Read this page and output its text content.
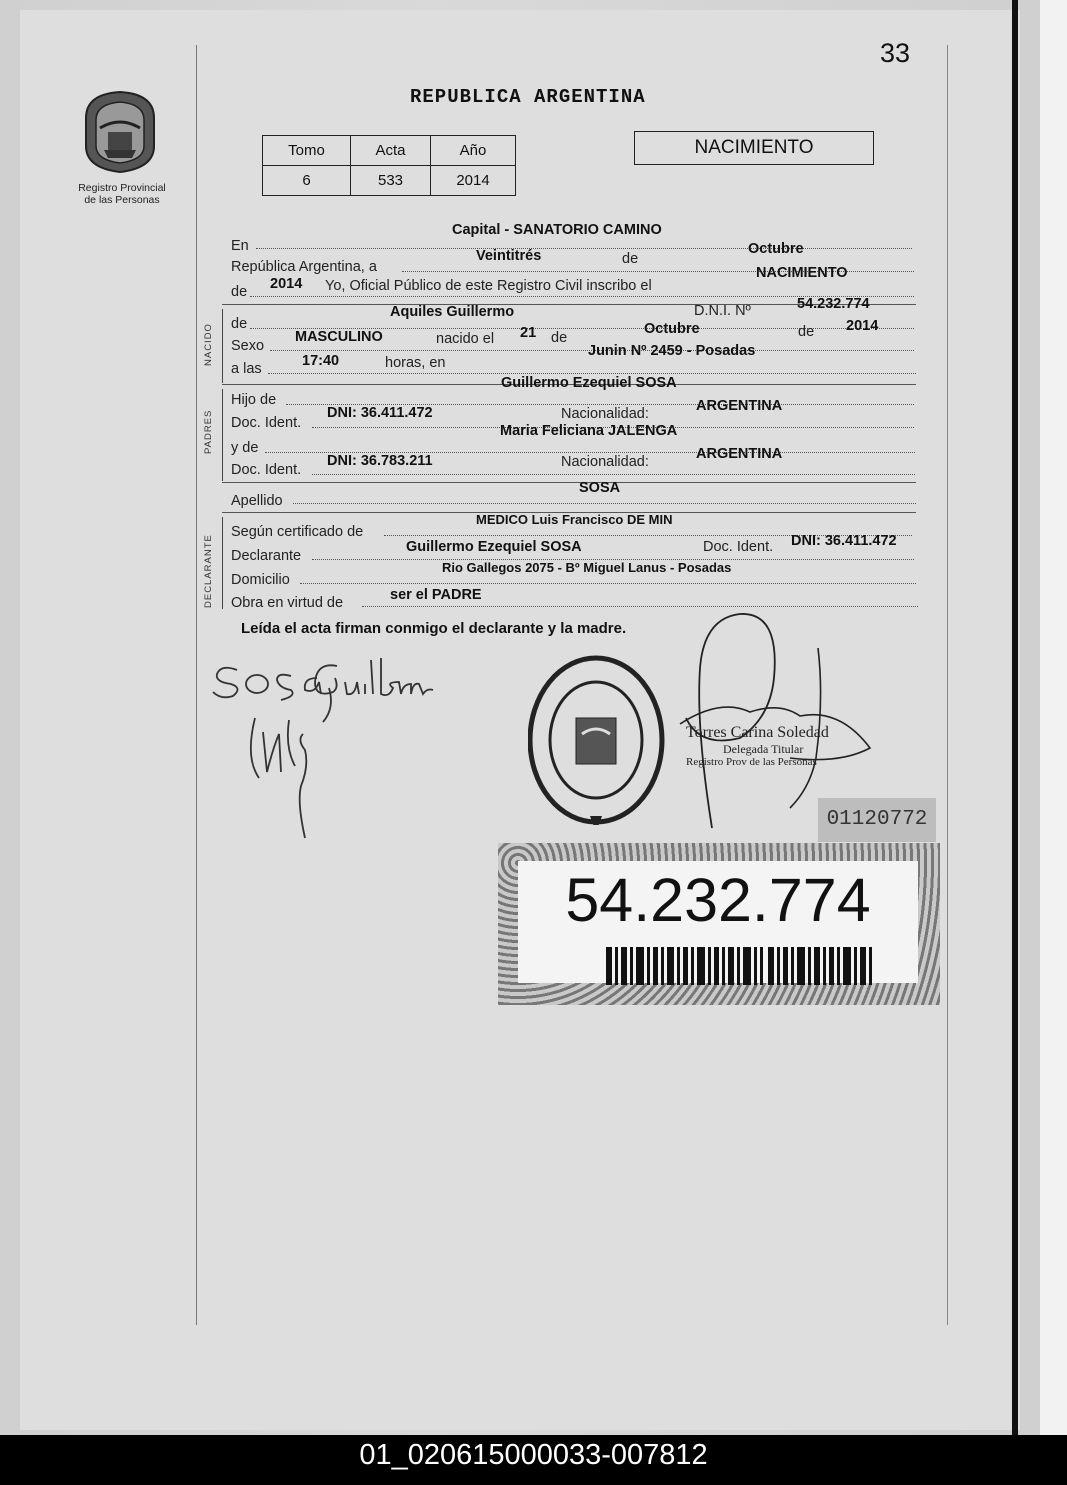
33
Registro Provincial
de las Personas
REPUBLICA ARGENTINA
Tomo	Acta	Año
6	533	2014
NACIMIENTO
En
Capital - SANATORIO CAMINO
República Argentina, a
Veintitrés	de
Octubre
de 2014 Yo, Oficial Público de este Registro Civil inscribo el
NACIMIENTO
NACIDO de
Aquiles Guillermo	D.N.I. Nº	54.232.774
Sexo
MASCULINO	nacido el 21 de
Octubre	de 2014
a las	17:40	horas, en
Junin Nº 2459 - Posadas
PADRES
Hijo de
Guillermo Ezequiel SOSA
Doc. Ident.
DNI: 36.411.472	Nacionalidad:	ARGENTINA
y de
Maria Feliciana JALENGA
Doc. Ident.
DNI: 36.783.211	Nacionalidad:	ARGENTINA
Apellido
SOSA
DECLARANTE
Según certificado de
MEDICO Luis Francisco DE MIN
Declarante
Guillermo Ezequiel SOSA	Doc. Ident. DNI: 36.411.472
Domicilio
Rio Gallegos 2075 - Bº Miguel Lanus - Posadas
Obra en virtud de	ser el PADRE
Leída el acta firman conmigo el declarante y la madre.
Torres Carina Soledad
Delegada Titular
Registro Prov de las Personas
01120772
54.232.774
01_020615000033-007812
